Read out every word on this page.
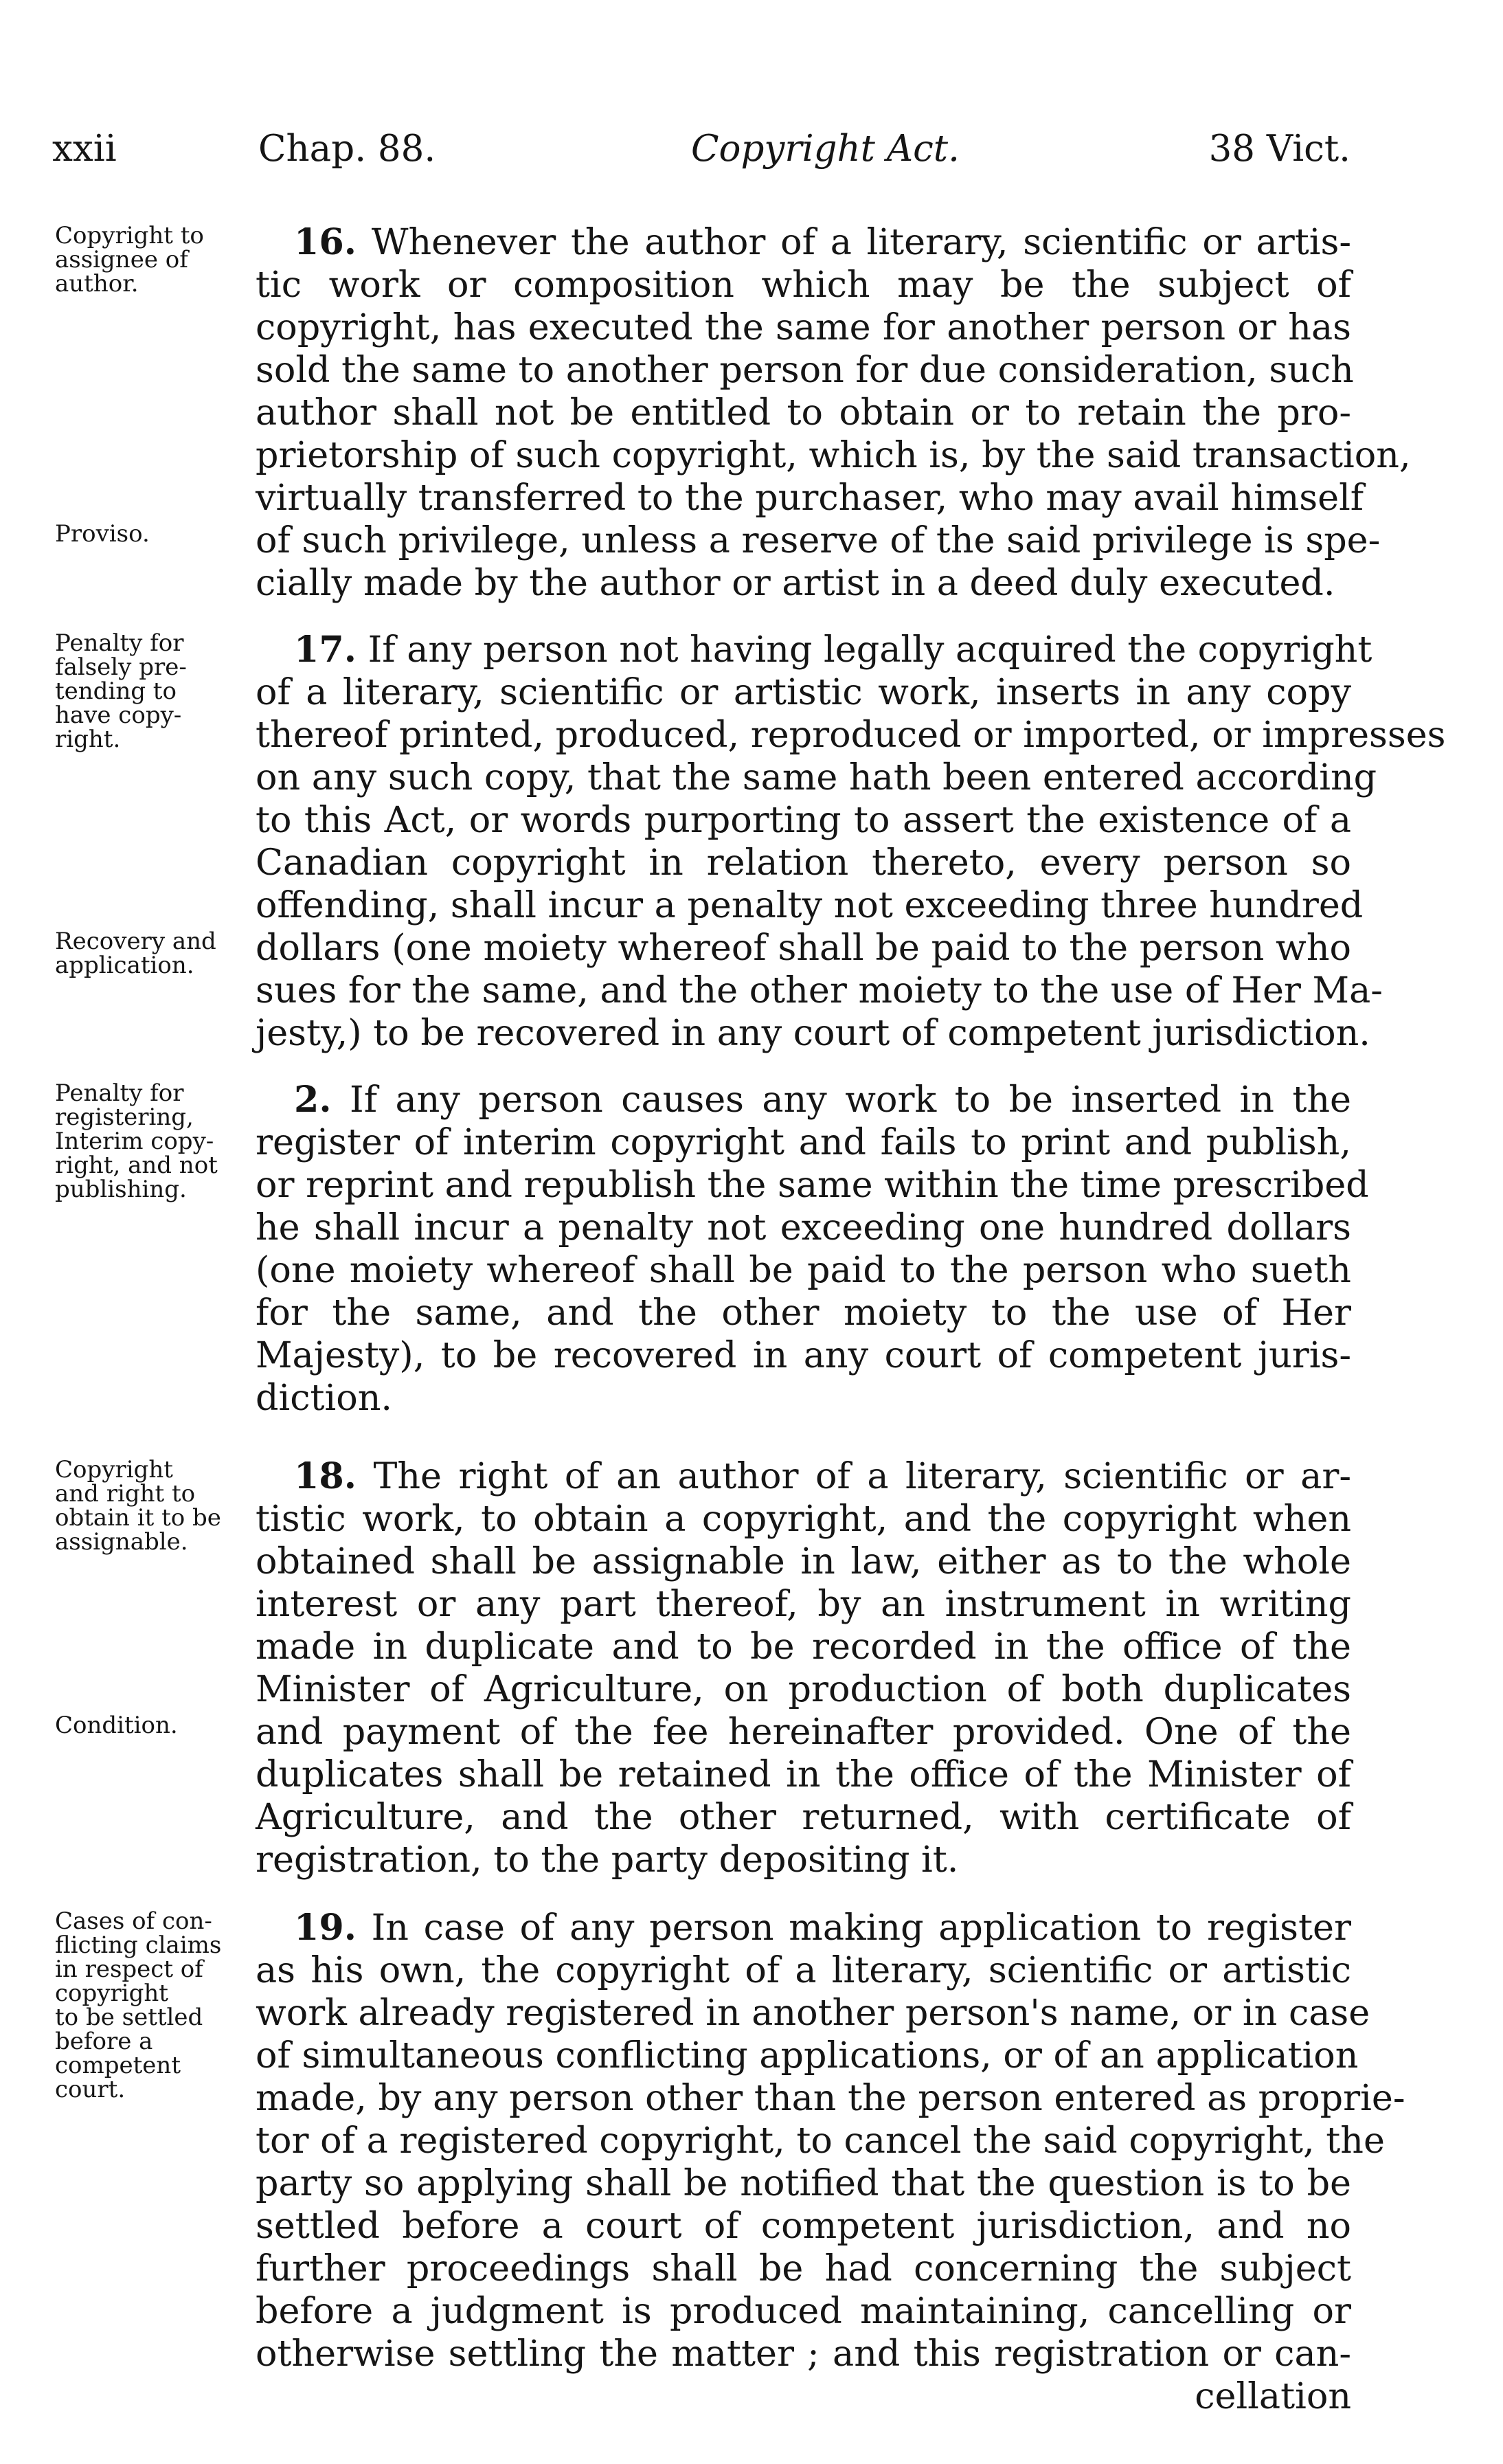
xxii	Chap. 88.	Copyright Act.	38 Vict.
Copyright to
assignee of
author.
Proviso.
16. Whenever the author of a literary, scientific or artis-
tic work or composition which may be the subject of
copyright, has executed the same for another person or has
sold the same to another person for due consideration, such
author shall not be entitled to obtain or to retain the pro-
prietorship of such copyright, which is, by the said transaction,
virtually transferred to the purchaser, who may avail himself
of such privilege, unless a reserve of the said privilege is spe-
cially made by the author or artist in a deed duly executed.
Penalty for
falsely pre-
tending to
have copy-
right.
Recovery and
application.
17. If any person not having legally acquired the copyright
of a literary, scientific or artistic work, inserts in any copy
thereof printed, produced, reproduced or imported, or impresses
on any such copy, that the same hath been entered according
to this Act, or words purporting to assert the existence of a
Canadian copyright in relation thereto, every person so
offending, shall incur a penalty not exceeding three hundred
dollars (one moiety whereof shall be paid to the person who
sues for the same, and the other moiety to the use of Her Ma-
jesty,) to be recovered in any court of competent jurisdiction.
Penalty for
registering,
Interim copy-
right, and not
publishing.
2. If any person causes any work to be inserted in the
register of interim copyright and fails to print and publish,
or reprint and republish the same within the time prescribed
he shall incur a penalty not exceeding one hundred dollars
(one moiety whereof shall be paid to the person who sueth
for the same, and the other moiety to the use of Her
Majesty), to be recovered in any court of competent juris-
diction.
Copyright
and right to
obtain it to be
assignable.
Condition.
18. The right of an author of a literary, scientific or ar-
tistic work, to obtain a copyright, and the copyright when
obtained shall be assignable in law, either as to the whole
interest or any part thereof, by an instrument in writing
made in duplicate and to be recorded in the office of the
Minister of Agriculture, on production of both duplicates
and payment of the fee hereinafter provided. One of the
duplicates shall be retained in the office of the Minister of
Agriculture, and the other returned, with certificate of
registration, to the party depositing it.
Cases of con-
flicting claims
in respect of
copyright
to be settled
before a
competent
court.
19. In case of any person making application to register
as his own, the copyright of a literary, scientific or artistic
work already registered in another person's name, or in case
of simultaneous conflicting applications, or of an application
made, by any person other than the person entered as proprie-
tor of a registered copyright, to cancel the said copyright, the
party so applying shall be notified that the question is to be
settled before a court of competent jurisdiction, and no
further proceedings shall be had concerning the subject
before a judgment is produced maintaining, cancelling or
otherwise settling the matter ; and this registration or can-
cellation
